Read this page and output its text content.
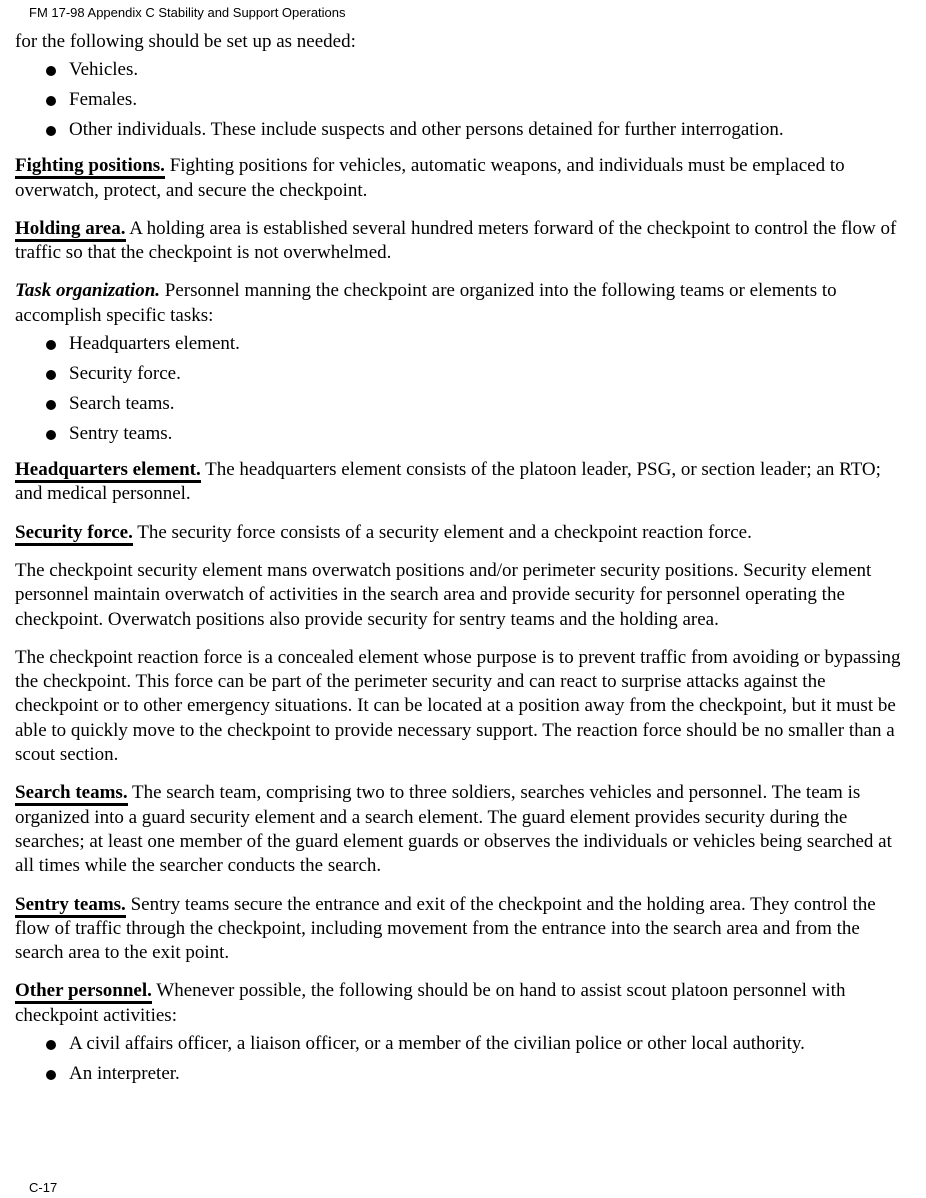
FM 17-98 Appendix C Stability and Support Operations

for the following should be set up as needed:

Vehicles.
Females.
Other individuals. These include suspects and other persons detained for further interrogation.

Fighting positions. Fighting positions for vehicles, automatic weapons, and individuals must be emplaced to overwatch, protect, and secure the checkpoint.

Holding area. A holding area is established several hundred meters forward of the checkpoint to control the flow of traffic so that the checkpoint is not overwhelmed.

Task organization. Personnel manning the checkpoint are organized into the following teams or elements to accomplish specific tasks:

Headquarters element.
Security force.
Search teams.
Sentry teams.

Headquarters element. The headquarters element consists of the platoon leader, PSG, or section leader; an RTO; and medical personnel.

Security force. The security force consists of a security element and a checkpoint reaction force.

The checkpoint security element mans overwatch positions and/or perimeter security positions. Security element personnel maintain overwatch of activities in the search area and provide security for personnel operating the checkpoint. Overwatch positions also provide security for sentry teams and the holding area.

The checkpoint reaction force is a concealed element whose purpose is to prevent traffic from avoiding or bypassing the checkpoint. This force can be part of the perimeter security and can react to surprise attacks against the checkpoint or to other emergency situations. It can be located at a position away from the checkpoint, but it must be able to quickly move to the checkpoint to provide necessary support. The reaction force should be no smaller than a scout section.

Search teams. The search team, comprising two to three soldiers, searches vehicles and personnel. The team is organized into a guard security element and a search element. The guard element provides security during the searches; at least one member of the guard element guards or observes the individuals or vehicles being searched at all times while the searcher conducts the search.

Sentry teams. Sentry teams secure the entrance and exit of the checkpoint and the holding area. They control the flow of traffic through the checkpoint, including movement from the entrance into the search area and from the search area to the exit point.

Other personnel. Whenever possible, the following should be on hand to assist scout platoon personnel with checkpoint activities:

A civil affairs officer, a liaison officer, or a member of the civilian police or other local authority.
An interpreter.
C-17
